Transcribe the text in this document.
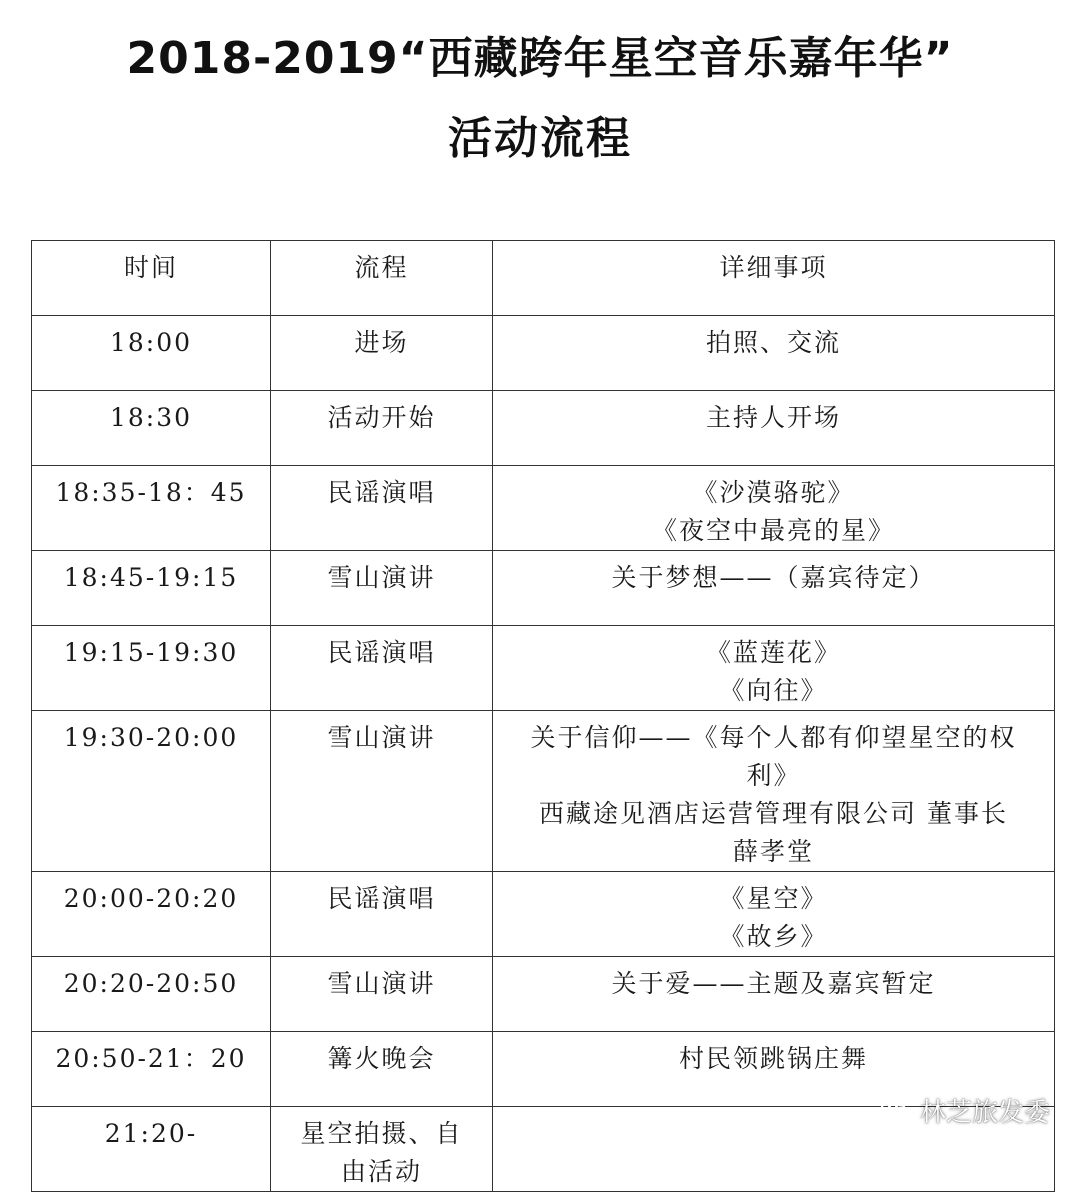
2018-2019“西藏跨年星空音乐嘉年华”
活动流程
时间	流程	详细事项
18:00	进场	拍照、交流

18:30	活动开始	主持人开场

18:35-18：45	民谣演唱	《沙漠骆驼》
《夜空中最亮的星》

18:45-19:15	雪山演讲	关于梦想——（嘉宾待定）

19:15-19:30	民谣演唱	《蓝莲花》
《向往》

19:30-20:00	雪山演讲	关于信仰——《每个人都有仰望星空的权
利》
西藏途见酒店运营管理有限公司 董事长
薛孝堂

20:00-20:20	民谣演唱	《星空》
《故乡》

20:20-20:50	雪山演讲	关于爱——主题及嘉宾暂定

20:50-21：20	篝火晚会	村民领跳锅庄舞

21:20-	星空拍摄、自
由活动	

林芝旅发委
